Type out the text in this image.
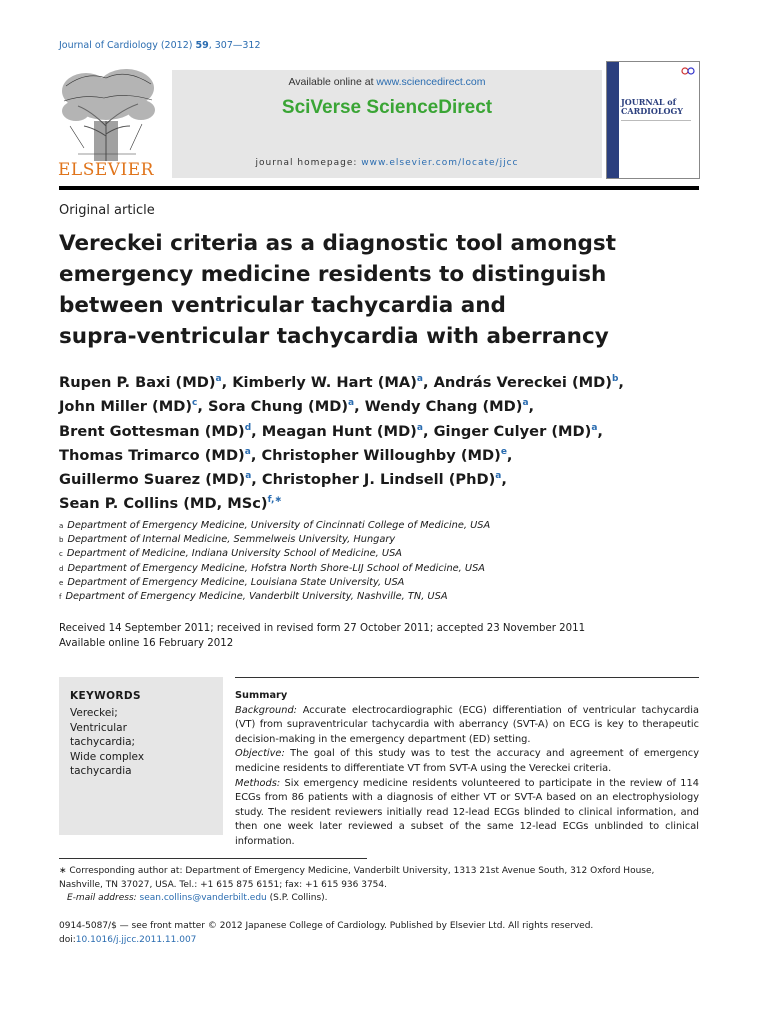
Journal of Cardiology (2012) 59, 307—312
ELSEVIER
Available online at www.sciencedirect.com
SciVerse ScienceDirect
journal homepage: www.elsevier.com/locate/jjcc
JOURNAL of
CARDIOLOGY
Original article
Vereckei criteria as a diagnostic tool amongst
emergency medicine residents to distinguish
between ventricular tachycardia and
supra-ventricular tachycardia with aberrancy
Rupen P. Baxi (MD)$^a$, Kimberly W. Hart (MA)$^a$, András Vereckei (MD)$^b$,
John Miller (MD)$^c$, Sora Chung (MD)$^a$, Wendy Chang (MD)$^a$,
Brent Gottesman (MD)$^d$, Meagan Hunt (MD)$^a$, Ginger Culyer (MD)$^a$,
Thomas Trimarco (MD)$^a$, Christopher Willoughby (MD)$^e$,
Guillermo Suarez (MD)$^a$, Christopher J. Lindsell (PhD)$^a$,
Sean P. Collins (MD, MSc)$^{f,∗}$
$^a$ Department of Emergency Medicine, University of Cincinnati College of Medicine, USA
$^b$ Department of Internal Medicine, Semmelweis University, Hungary
$^c$ Department of Medicine, Indiana University School of Medicine, USA
$^d$ Department of Emergency Medicine, Hofstra North Shore-LIJ School of Medicine, USA
$^e$ Department of Emergency Medicine, Louisiana State University, USA
$^f$ Department of Emergency Medicine, Vanderbilt University, Nashville, TN, USA
Received 14 September 2011; received in revised form 27 October 2011; accepted 23 November 2011
Available online 16 February 2012
KEYWORDS
Vereckei;
Ventricular
tachycardia;
Wide complex
tachycardia
Summary
Background: Accurate electrocardiographic (ECG) differentiation of ventricular tachycardia (VT) from supraventricular tachycardia with aberrancy (SVT-A) on ECG is key to therapeutic decision-making in the emergency department (ED) setting.
Objective: The goal of this study was to test the accuracy and agreement of emergency medicine residents to differentiate VT from SVT-A using the Vereckei criteria.
Methods: Six emergency medicine residents volunteered to participate in the review of 114 ECGs from 86 patients with a diagnosis of either VT or SVT-A based on an electrophysiology study. The resident reviewers initially read 12-lead ECGs blinded to clinical information, and then one week later reviewed a subset of the same 12-lead ECGs unblinded to clinical information.
∗ Corresponding author at: Department of Emergency Medicine, Vanderbilt University, 1313 21st Avenue South, 312 Oxford House, Nashville, TN 37027, USA. Tel.: +1 615 875 6151; fax: +1 615 936 3754.
E-mail address: sean.collins@vanderbilt.edu (S.P. Collins).
0914-5087/$ — see front matter © 2012 Japanese College of Cardiology. Published by Elsevier Ltd. All rights reserved.
doi:10.1016/j.jjcc.2011.11.007
